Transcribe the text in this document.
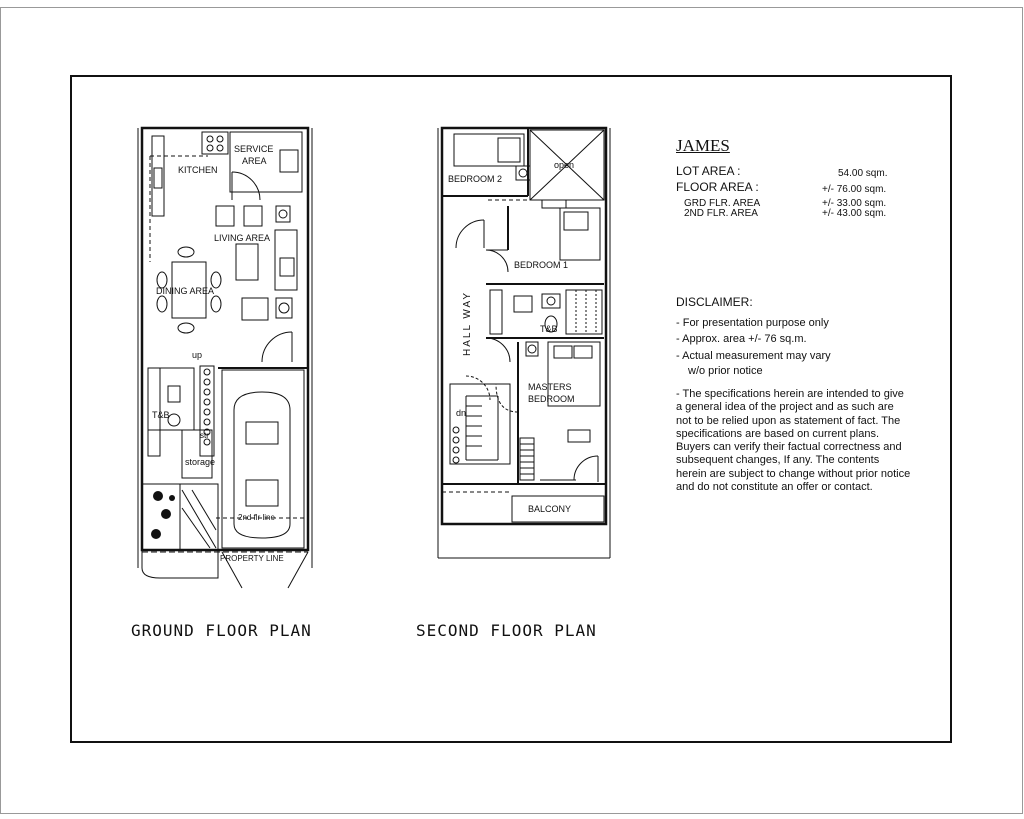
KITCHEN
SERVICE
AREA
LIVING AREA
DINING AREA
up
T&B
str
storage
2nd flr line
PROPERTY LINE
BEDROOM 2
open
BEDROOM 1
HALL WAY	T&B
MASTERS
BEDROOM
dn
BALCONY
GROUND FLOOR PLAN	SECOND FLOOR PLAN
JAMES
LOT AREA :	54.00 sqm.
FLOOR AREA :	+/- 76.00 sqm.
GRD FLR. AREA	+/- 33.00 sqm.
2ND FLR. AREA	+/- 43.00 sqm.
DISCLAIMER:
- For presentation purpose only
- Approx. area +/- 76 sq.m.
- Actual measurement may vary
w/o prior notice
- The specifications herein are intended to give a general idea of the project and as such are not to be relied upon as statement of fact. The specifications are based on current plans. Buyers can verify their factual correctness and subsequent changes, If any. The contents herein are subject to change without prior notice and do not constitute an offer or contact.
